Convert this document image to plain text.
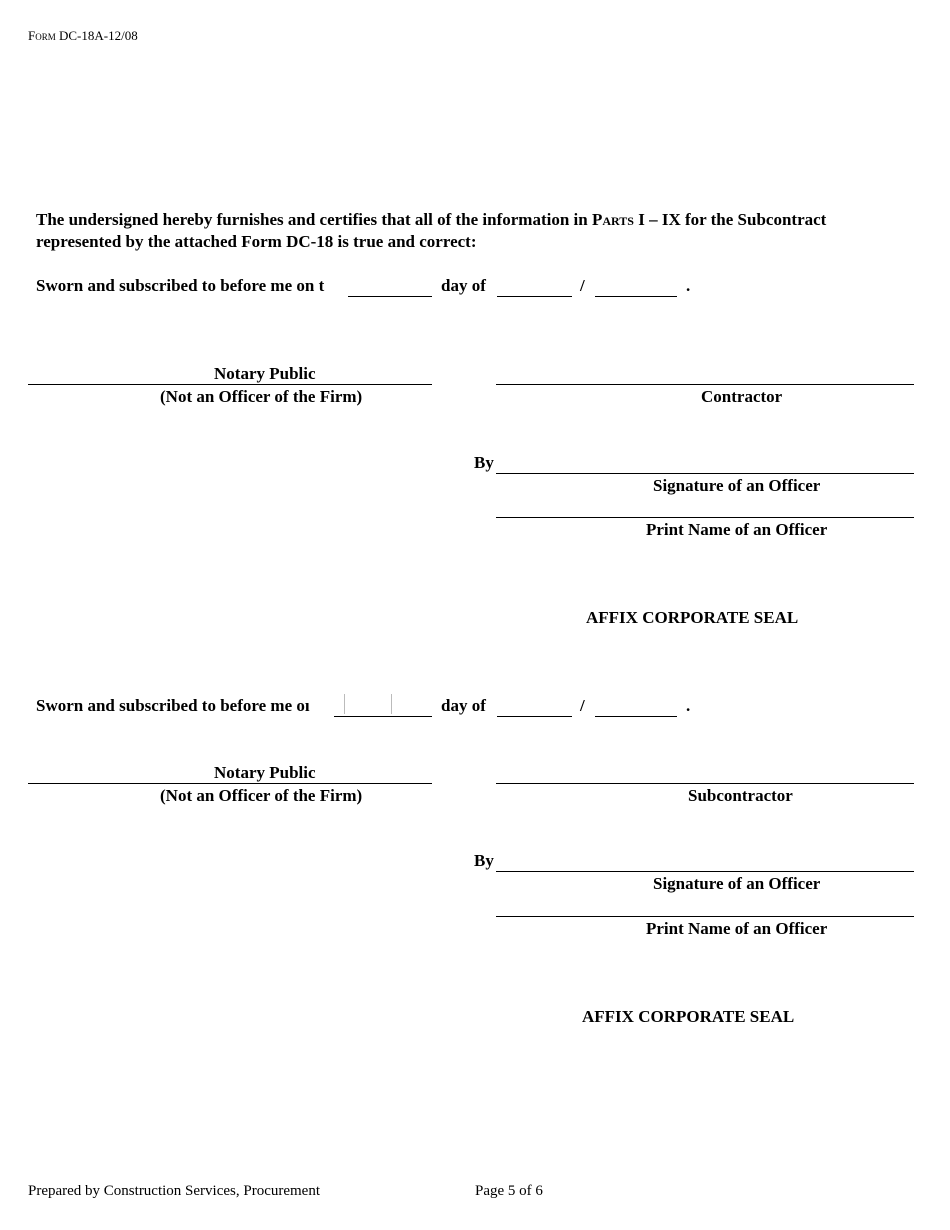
Form DC-18A-12/08
The undersigned hereby furnishes and certifies that all of the information in Parts I – IX for the Subcontract
represented by the attached Form DC-18 is true and correct:
Sworn and subscribed to before me on t	day of	/	.
Notary Public
(Not an Officer of the Firm)	Contractor
By
Signature of an Officer
Print Name of an Officer
AFFIX CORPORATE SEAL
Sworn and subscribed to before me oı	day of	/	.
Notary Public
(Not an Officer of the Firm)	Subcontractor
By
Signature of an Officer
Print Name of an Officer
AFFIX CORPORATE SEAL
Prepared by Construction Services, Procurement	Page 5 of 6
